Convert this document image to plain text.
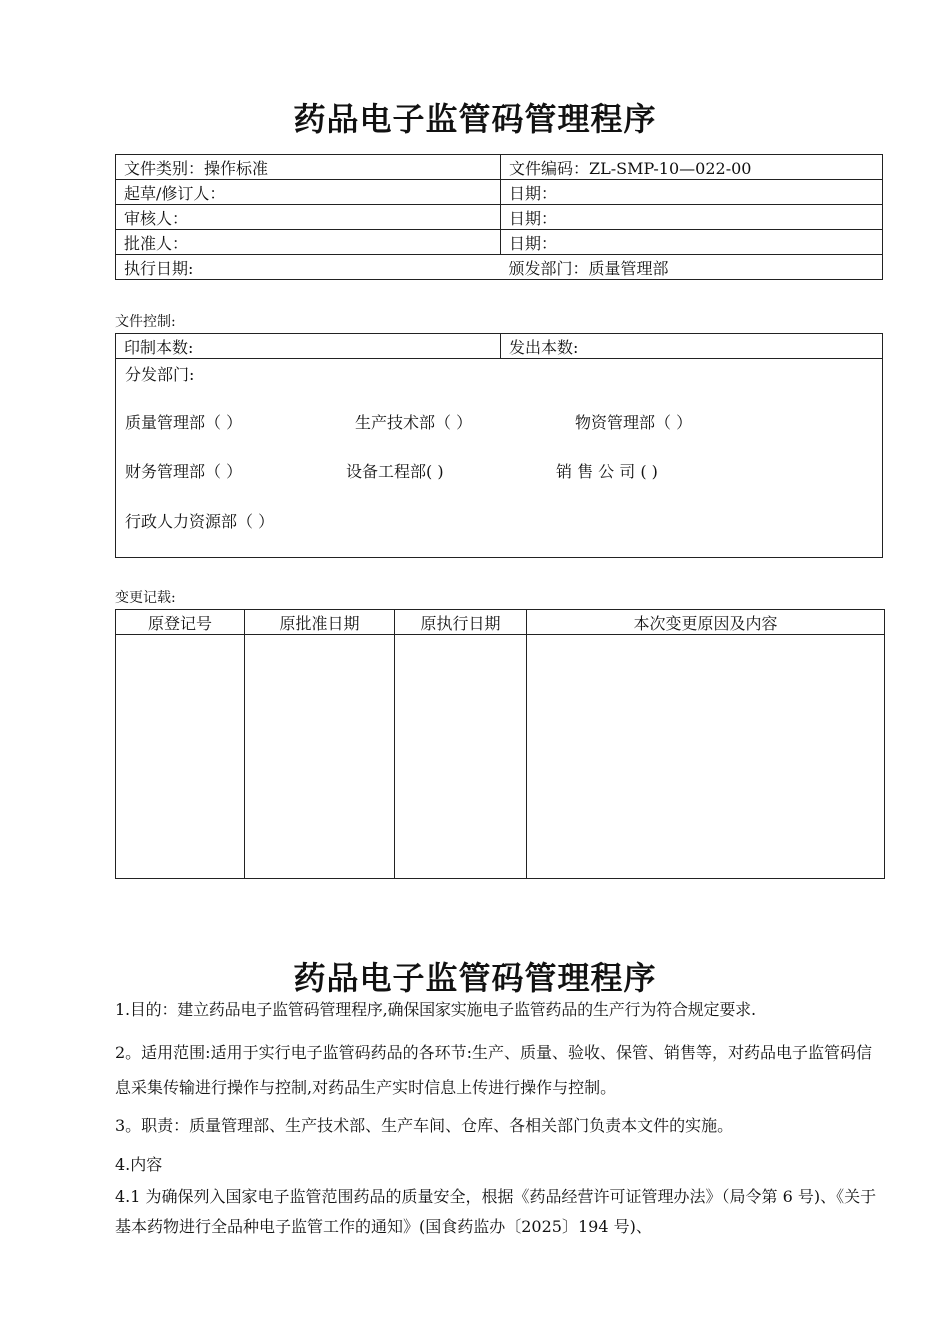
药品电子监管码管理程序
文件类别：操作标准	文件编码：ZL-SMP-10—022-00
起草/修订人：	日期：
审核人：	日期：
批准人：	日期：
执行日期:	颁发部门：质量管理部
文件控制:
印制本数:	发出本数:
分发部门:
质量管理部（ ）	生产技术部（ ）	物资管理部（ ）
财务管理部（ ）	设备工程部( )	销 售 公 司 ( )
行政人力资源部（ ）
变更记载:
原登记号	原批准日期	原执行日期	本次变更原因及内容

药品电子监管码管理程序
1.目的：建立药品电子监管码管理程序,确保国家实施电子监管药品的生产行为符合规定要求.
2。适用范围:适用于实行电子监管码药品的各环节:生产、质量、验收、保管、销售等，对药品电子监管码信息采集传输进行操作与控制,对药品生产实时信息上传进行操作与控制。
3。职责：质量管理部、生产技术部、生产车间、仓库、各相关部门负责本文件的实施。
4.内容
4.1 为确保列入国家电子监管范围药品的质量安全，根据《药品经营许可证管理办法》（局令第 6 号)、《关于基本药物进行全品种电子监管工作的通知》(国食药监办〔2025〕194 号)、
